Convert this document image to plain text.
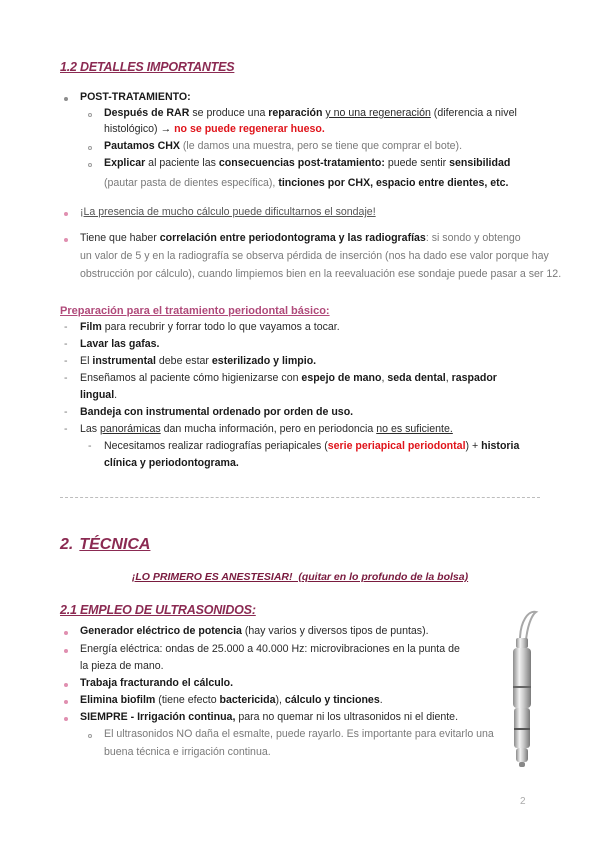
1.2 DETALLES IMPORTANTES
POST-TRATAMIENTO:
Después de RAR se produce una reparación y no una regeneración (diferencia a nivel
histológico) → no se puede regenerar hueso.
Pautamos CHX (le damos una muestra, pero se tiene que comprar el bote).
Explicar al paciente las consecuencias post-tratamiento: puede sentir sensibilidad
(pautar pasta de dientes específica), tinciones por CHX, espacio entre dientes, etc.
¡La presencia de mucho cálculo puede dificultarnos el sondaje!
Tiene que haber correlación entre periodontograma y las radiografías: si sondo y obtengo
un valor de 5 y en la radiografía se observa pérdida de inserción (nos ha dado ese valor porque hay
obstrucción por cálculo), cuando limpiemos bien en la reevaluación ese sondaje puede pasar a ser 12.
Preparación para el tratamiento periodontal básico:
- Film para recubrir y forrar todo lo que vayamos a tocar.
- Lavar las gafas.
- El instrumental debe estar esterilizado y limpio.
- Enseñamos al paciente cómo higienizarse con espejo de mano, seda dental, raspador
lingual.
- Bandeja con instrumental ordenado por orden de uso.
- Las panorámicas dan mucha información, pero en periodoncia no es suficiente.
- Necesitamos realizar radiografías periapicales (serie periapical periodontal) + historia
clínica y periodontograma.
2. TÉCNICA
¡LO PRIMERO ES ANESTESIAR!  (quitar en lo profundo de la bolsa)
2.1 EMPLEO DE ULTRASONIDOS:
Generador eléctrico de potencia (hay varios y diversos tipos de puntas).
Energía eléctrica: ondas de 25.000 a 40.000 Hz: microvibraciones en la punta de
la pieza de mano.
Trabaja fracturando el cálculo.
Elimina biofilm (tiene efecto bactericida), cálculo y tinciones.
SIEMPRE - Irrigación continua, para no quemar ni los ultrasonidos ni el diente.
El ultrasonidos NO daña el esmalte, puede rayarlo. Es importante para evitarlo una
buena técnica e irrigación continua.
2
